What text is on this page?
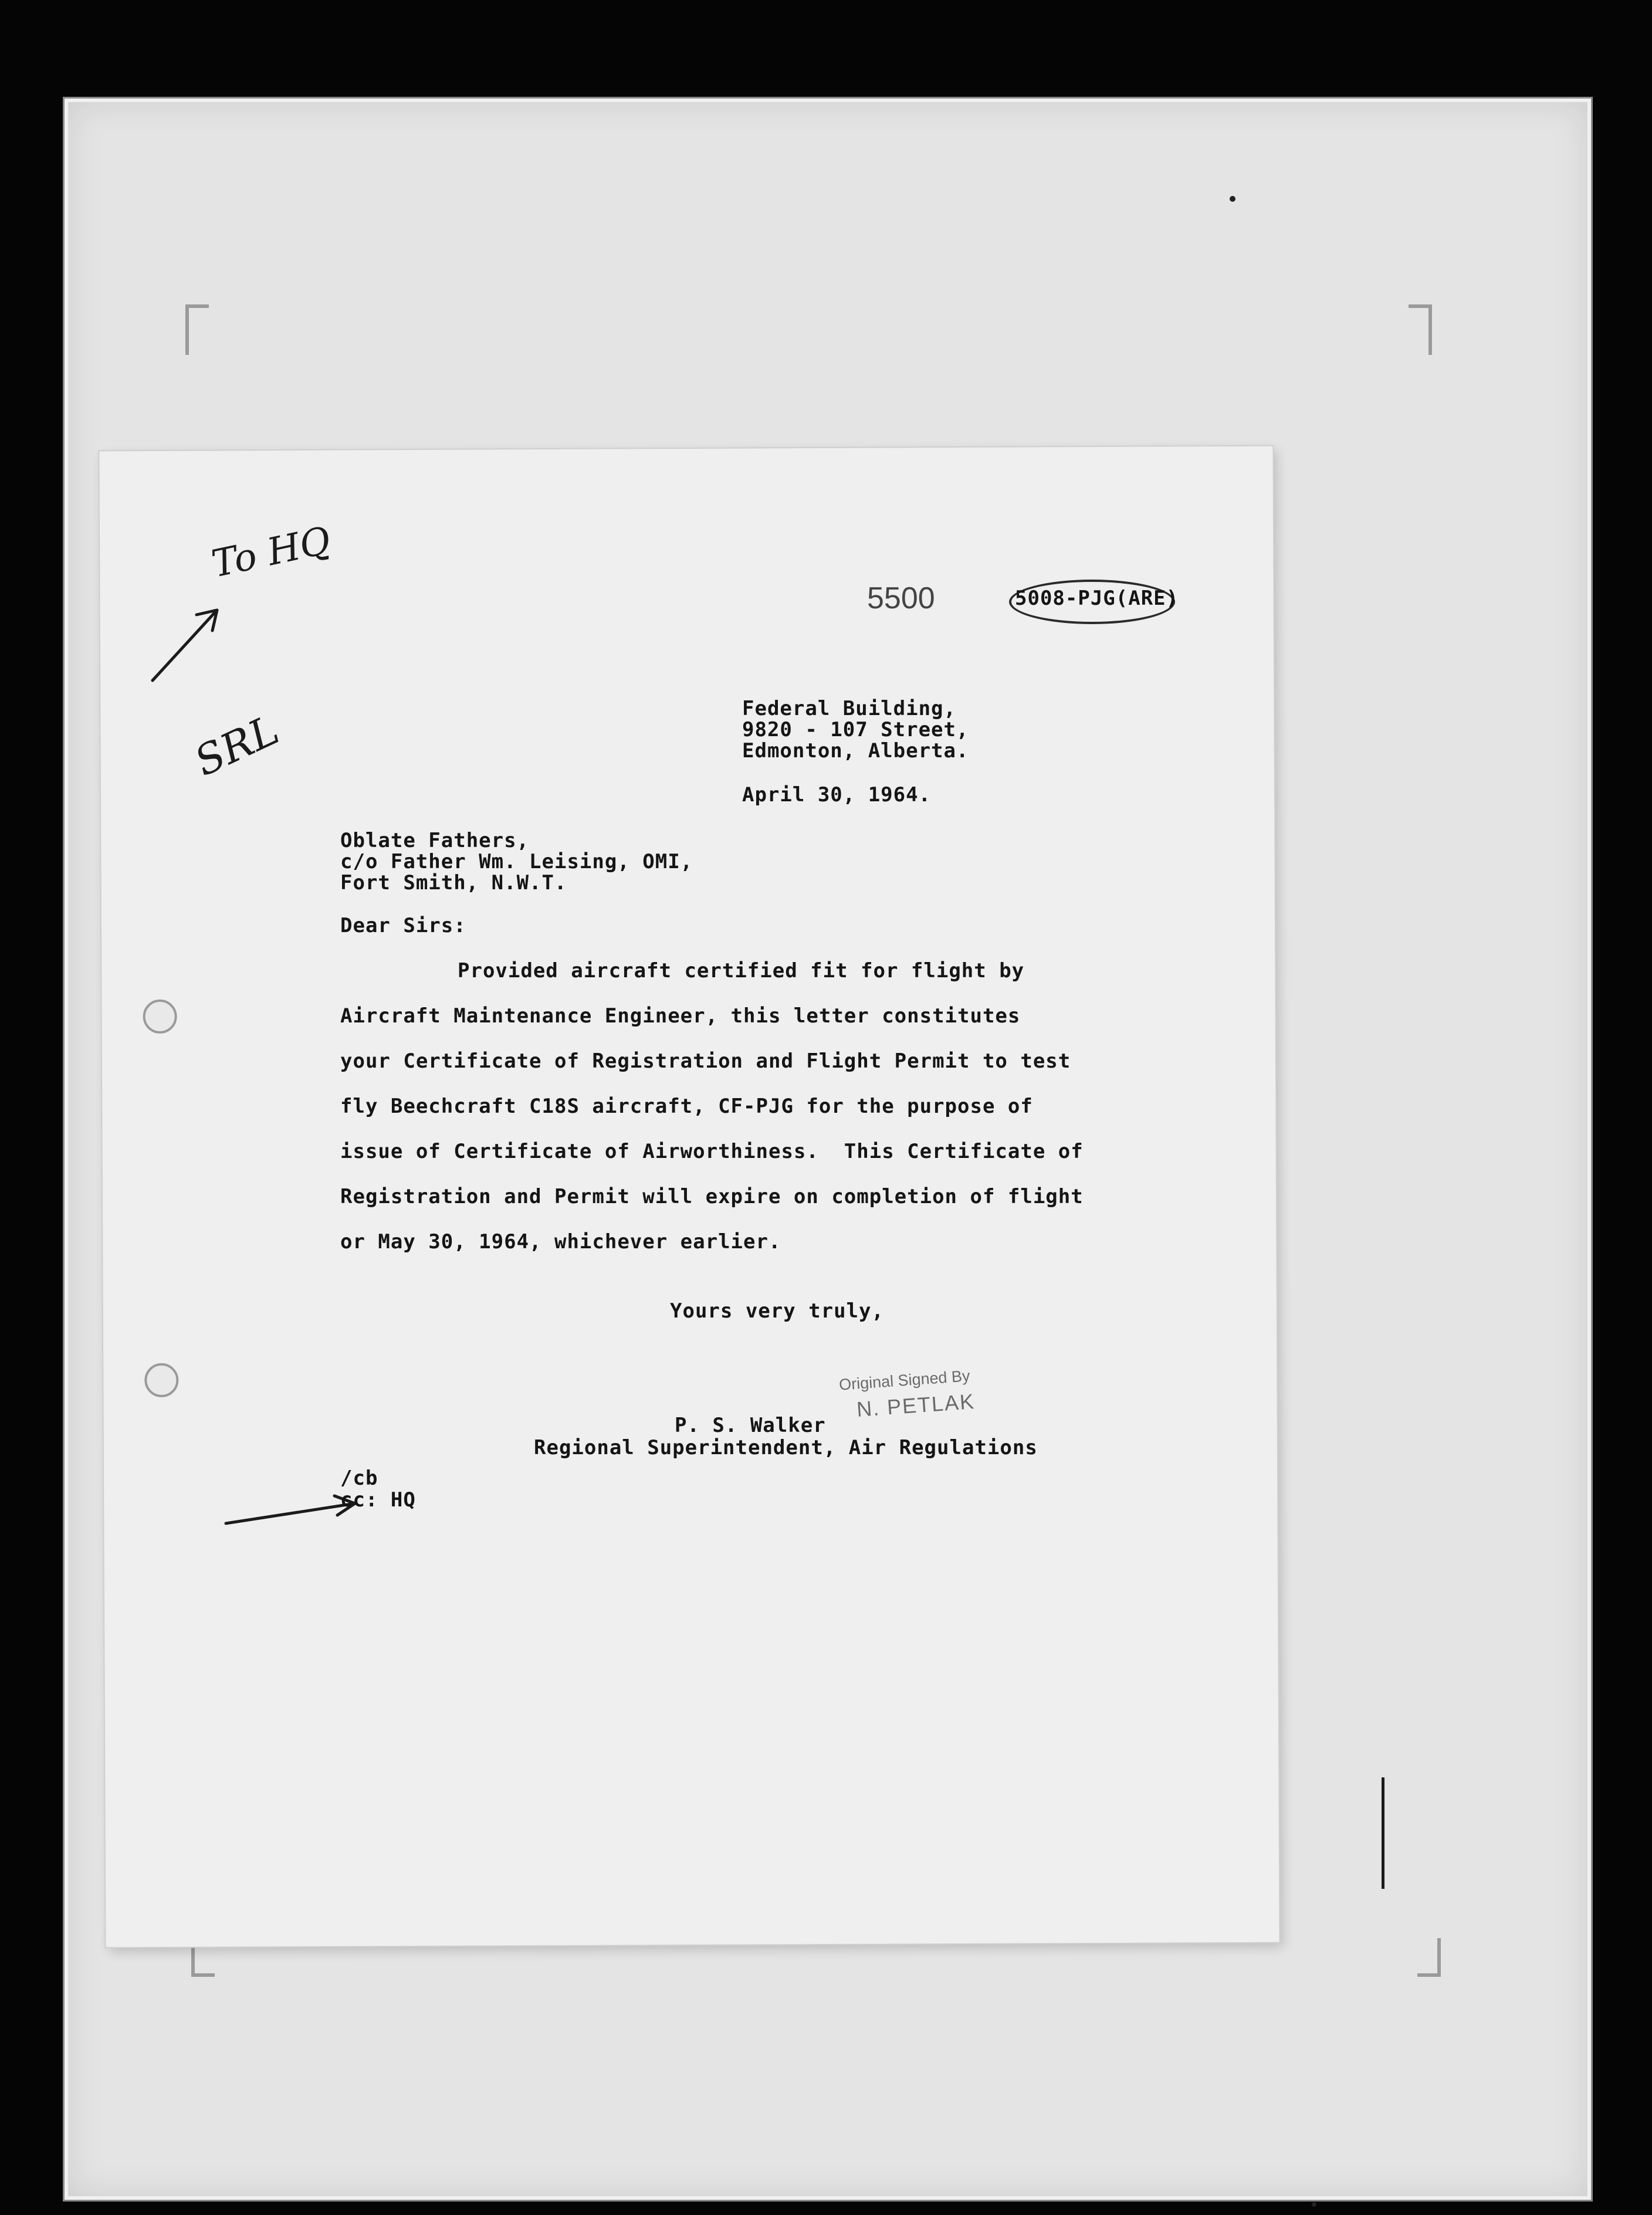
To HQ
SRL
5500	5008-PJG(ARE)
Federal Building,
9820 - 107 Street,
Edmonton, Alberta.
April 30, 1964.
Oblate Fathers,
c/o Father Wm. Leising, OMI,
Fort Smith, N.W.T.
Dear Sirs:
Provided aircraft certified fit for flight by
Aircraft Maintenance Engineer, this letter constitutes
your Certificate of Registration and Flight Permit to test
fly Beechcraft C18S aircraft, CF-PJG for the purpose of
issue of Certificate of Airworthiness.  This Certificate of
Registration and Permit will expire on completion of flight
or May 30, 1964, whichever earlier.
Yours very truly,
Original Signed By
N. PETLAK
P. S. Walker
Regional Superintendent, Air Regulations
/cb
cc: HQ
